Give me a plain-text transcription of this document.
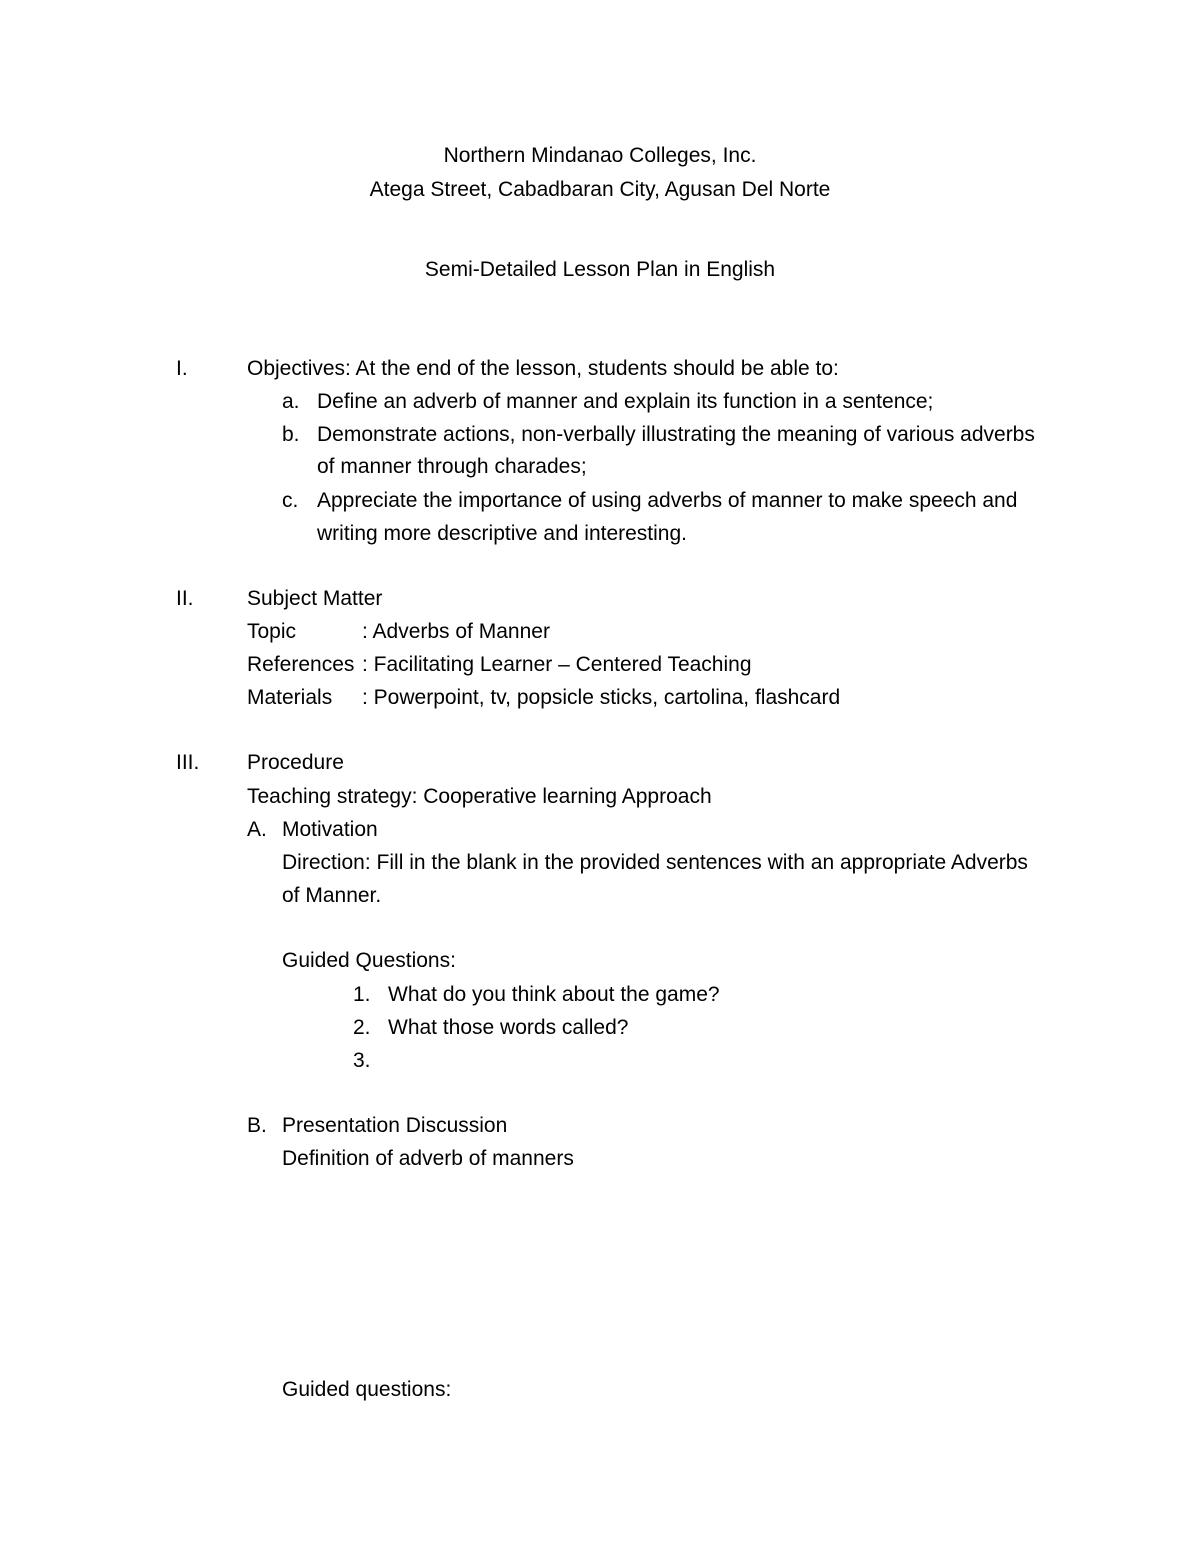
Northern Mindanao Colleges, Inc.
Atega Street, Cabadbaran City, Agusan Del Norte
Semi-Detailed Lesson Plan in English
I.	Objectives: At the end of the lesson, students should be able to:
a. Define an adverb of manner and explain its function in a sentence;
b. Demonstrate actions, non-verbally illustrating the meaning of various adverbs
of manner through charades;
c. Appreciate the importance of using adverbs of manner to make speech and
writing more descriptive and interesting.
II.	Subject Matter
Topic	: Adverbs of Manner
References : Facilitating Learner – Centered Teaching
Materials : Powerpoint, tv, popsicle sticks, cartolina, flashcard
III. Procedure
Teaching strategy: Cooperative learning Approach
A. Motivation
Direction: Fill in the blank in the provided sentences with an appropriate Adverbs
of Manner.
Guided Questions:
1. What do you think about the game?
2. What those words called?
3.
B. Presentation Discussion
Definition of adverb of manners
Guided questions:
